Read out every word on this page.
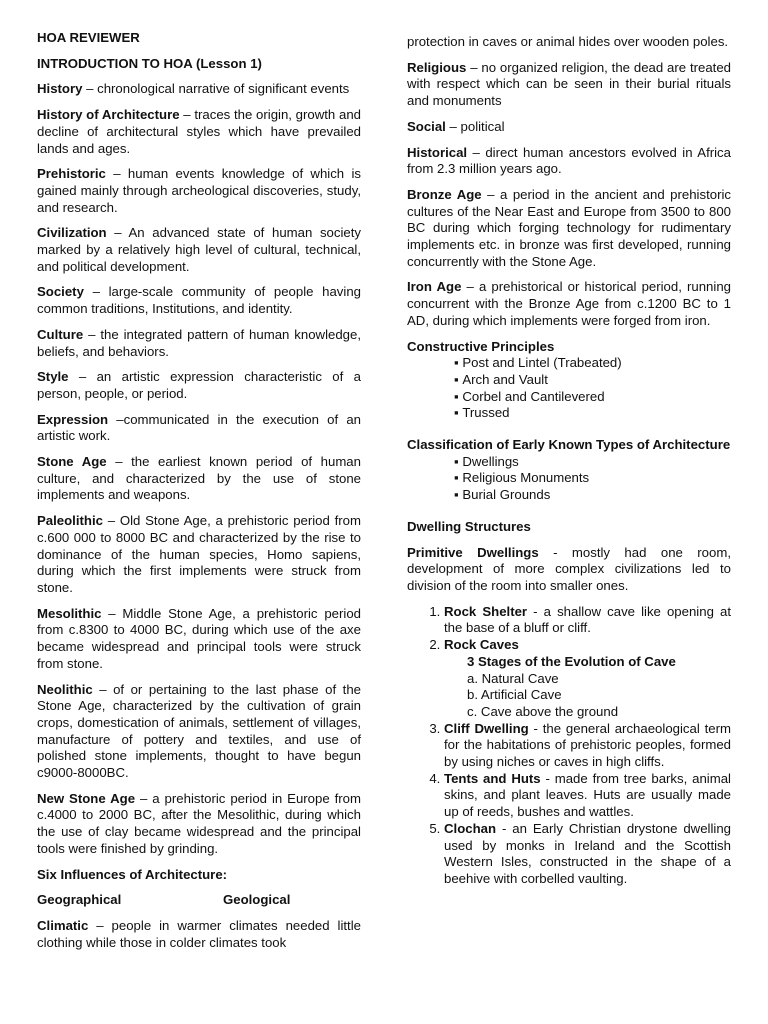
HOA REVIEWER
INTRODUCTION TO HOA (Lesson 1)
History – chronological narrative of significant events
History of Architecture – traces the origin, growth and decline of architectural styles which have prevailed lands and ages.
Prehistoric – human events knowledge of which is gained mainly through archeological discoveries, study, and research.
Civilization – An advanced state of human society marked by a relatively high level of cultural, technical, and political development.
Society – large-scale community of people having common traditions, Institutions, and identity.
Culture – the integrated pattern of human knowledge, beliefs, and behaviors.
Style – an artistic expression characteristic of a person, people, or period.
Expression –communicated in the execution of an artistic work.
Stone Age – the earliest known period of human culture, and characterized by the use of stone implements and weapons.
Paleolithic – Old Stone Age, a prehistoric period from c.600 000 to 8000 BC and characterized by the rise to dominance of the human species, Homo sapiens, during which the first implements were struck from stone.
Mesolithic – Middle Stone Age, a prehistoric period from c.8300 to 4000 BC, during which use of the axe became widespread and principal tools were struck from stone.
Neolithic – of or pertaining to the last phase of the Stone Age, characterized by the cultivation of grain crops, domestication of animals, settlement of villages, manufacture of pottery and textiles, and use of polished stone implements, thought to have begun c9000-8000BC.
New Stone Age – a prehistoric period in Europe from c.4000 to 2000 BC, after the Mesolithic, during which the use of clay became widespread and the principal tools were finished by grinding.
Six Influences of Architecture:
Geographical	Geological
Climatic – people in warmer climates needed little clothing while those in colder climates took
protection in caves or animal hides over wooden poles.
Religious – no organized religion, the dead are treated with respect which can be seen in their burial rituals and monuments
Social – political
Historical – direct human ancestors evolved in Africa from 2.3 million years ago.
Bronze Age – a period in the ancient and prehistoric cultures of the Near East and Europe from 3500 to 800 BC during which forging technology for rudimentary implements etc. in bronze was first developed, running concurrently with the Stone Age.
Iron Age – a prehistorical or historical period, running concurrent with the Bronze Age from c.1200 BC to 1 AD, during which implements were forged from iron.
Constructive Principles
▪ Post and Lintel (Trabeated)
▪ Arch and Vault
▪ Corbel and Cantilevered
▪ Trussed
Classification of Early Known Types of Architecture
▪ Dwellings
▪ Religious Monuments
▪ Burial Grounds
Dwelling Structures
Primitive Dwellings - mostly had one room, development of more complex civilizations led to division of the room into smaller ones.
1. Rock Shelter - a shallow cave like opening at the base of a bluff or cliff.
2. Rock Caves
3 Stages of the Evolution of Cave
a. Natural Cave
b. Artificial Cave
c. Cave above the ground
3. Cliff Dwelling - the general archaeological term for the habitations of prehistoric peoples, formed by using niches or caves in high cliffs.
4. Tents and Huts - made from tree barks, animal skins, and plant leaves. Huts are usually made up of reeds, bushes and wattles.
5. Clochan - an Early Christian drystone dwelling used by monks in Ireland and the Scottish Western Isles, constructed in the shape of a beehive with corbelled vaulting.
